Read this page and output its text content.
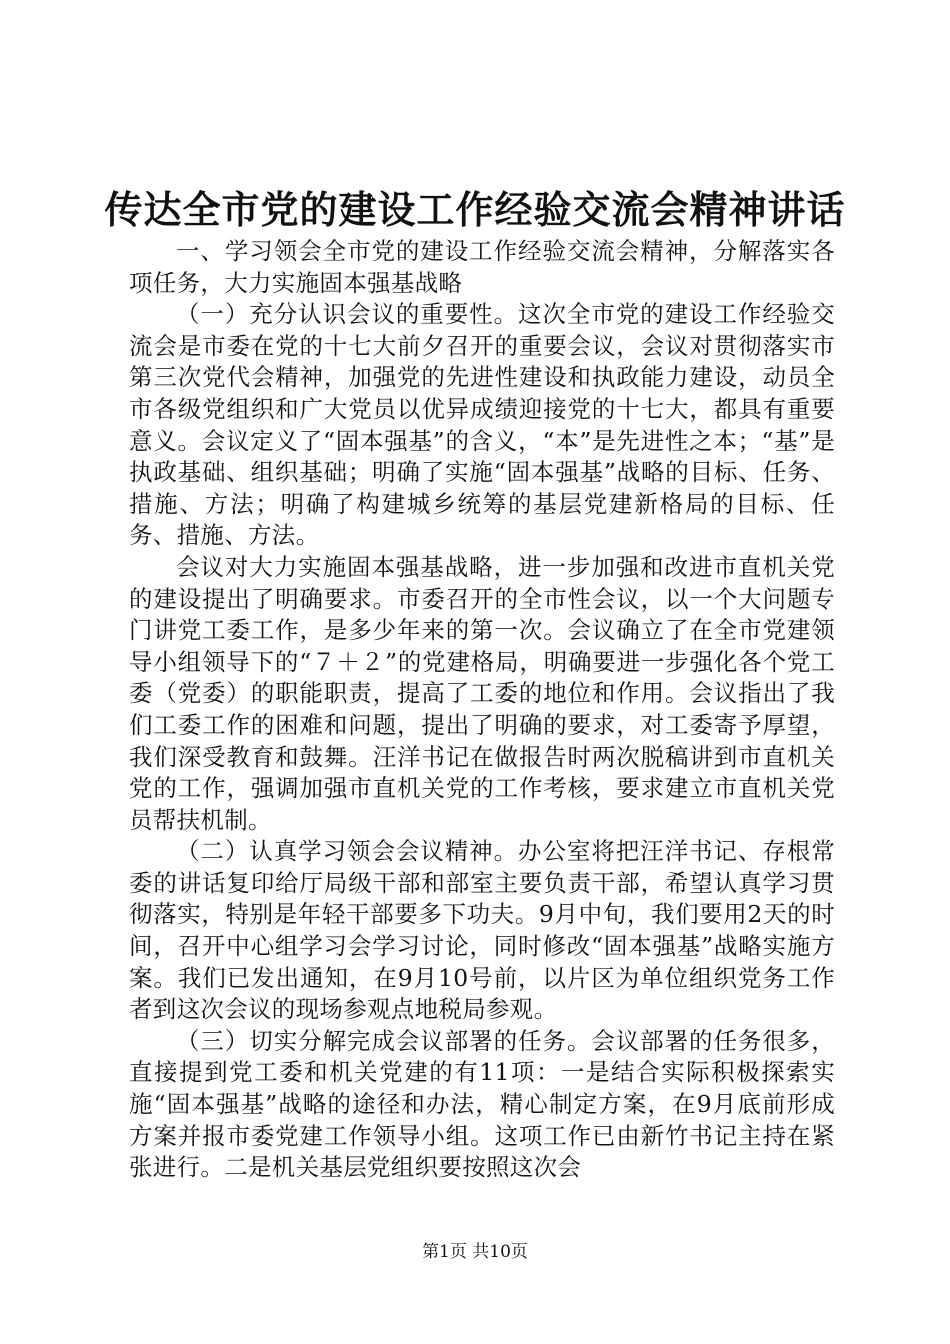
传达全市党的建设工作经验交流会精神讲话

一、学习领会全市党的建设工作经验交流会精神，分解落实各项任务，大力实施固本强基战略

（一）充分认识会议的重要性。这次全市党的建设工作经验交流会是市委在党的十七大前夕召开的重要会议，会议对贯彻落实市第三次党代会精神，加强党的先进性建设和执政能力建设，动员全市各级党组织和广大党员以优异成绩迎接党的十七大，都具有重要意义。会议定义了“固本强基”的含义，“本”是先进性之本；“基”是执政基础、组织基础；明确了实施“固本强基”战略的目标、任务、措施、方法；明确了构建城乡统筹的基层党建新格局的目标、任务、措施、方法。

会议对大力实施固本强基战略，进一步加强和改进市直机关党的建设提出了明确要求。市委召开的全市性会议，以一个大问题专门讲党工委工作，是多少年来的第一次。会议确立了在全市党建领导小组领导下的“７＋２”的党建格局，明确要进一步强化各个党工委（党委）的职能职责，提高了工委的地位和作用。会议指出了我们工委工作的困难和问题，提出了明确的要求，对工委寄予厚望，我们深受教育和鼓舞。汪洋书记在做报告时两次脱稿讲到市直机关党的工作，强调加强市直机关党的工作考核，要求建立市直机关党员帮扶机制。

（二）认真学习领会会议精神。办公室将把汪洋书记、存根常委的讲话复印给厅局级干部和部室主要负责干部，希望认真学习贯彻落实，特别是年轻干部要多下功夫。9月中旬，我们要用2天的时间，召开中心组学习会学习讨论，同时修改“固本强基”战略实施方案。我们已发出通知，在9月10号前，以片区为单位组织党务工作者到这次会议的现场参观点地税局参观。

（三）切实分解完成会议部署的任务。会议部署的任务很多，直接提到党工委和机关党建的有11项：一是结合实际积极探索实施“固本强基”战略的途径和办法，精心制定方案，在9月底前形成方案并报市委党建工作领导小组。这项工作已由新竹书记主持在紧张进行。二是机关基层党组织要按照这次会

第1页 共10页
